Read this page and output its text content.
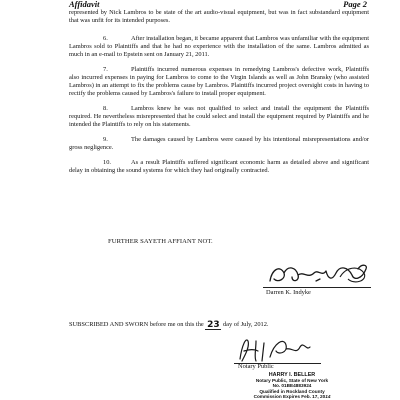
Affidavit	Page 2

represented by Nick Lambros to be state of the art audio-visual equipment, but was in fact substandard equipment that was unfit for its intended purposes.

6.	After installation began, it became apparent that Lambros was unfamiliar with the equipment Lambros sold to Plaintiffs and that he had no experience with the installation of the same. Lambros admitted as much in an e-mail to Epstein sent on January 21, 2011.

7.	Plaintiffs incurred numerous expenses in remedying Lambros's defective work, Plaintiffs also incurred expenses in paying for Lambros to come to the Virgin Islands as well as John Bransky (who assisted Lambros) in an attempt to fix the problems cause by Lambros. Plaintiffs incurred project oversight costs in having to rectify the problems caused by Lambros's failure to install proper equipment.

8.	Lambros knew he was not qualified to select and install the equipment the Plaintiffs required. He nevertheless misrepresented that he could select and install the equipment required by Plaintiffs and he intended the Plaintiffs to rely on his statements.

9.	The damages caused by Lambros were caused by his intentional misrepresentations and/or gross negligence.

10.	As a result Plaintiffs suffered significant economic harm as detailed above and significant delay in obtaining the sound systems for which they had originally contracted.

FURTHER SAYETH AFFIANT NOT.
Darren K. Indyke
SUBSCRIBED AND SWORN before me on this the 23 day of July, 2012.
Notary Public
HARRY I. BELLER
Notary Public, State of New York
No. 01BE4883924
Qualified in Rockland County
Commission Expires Feb. 17, 2014
